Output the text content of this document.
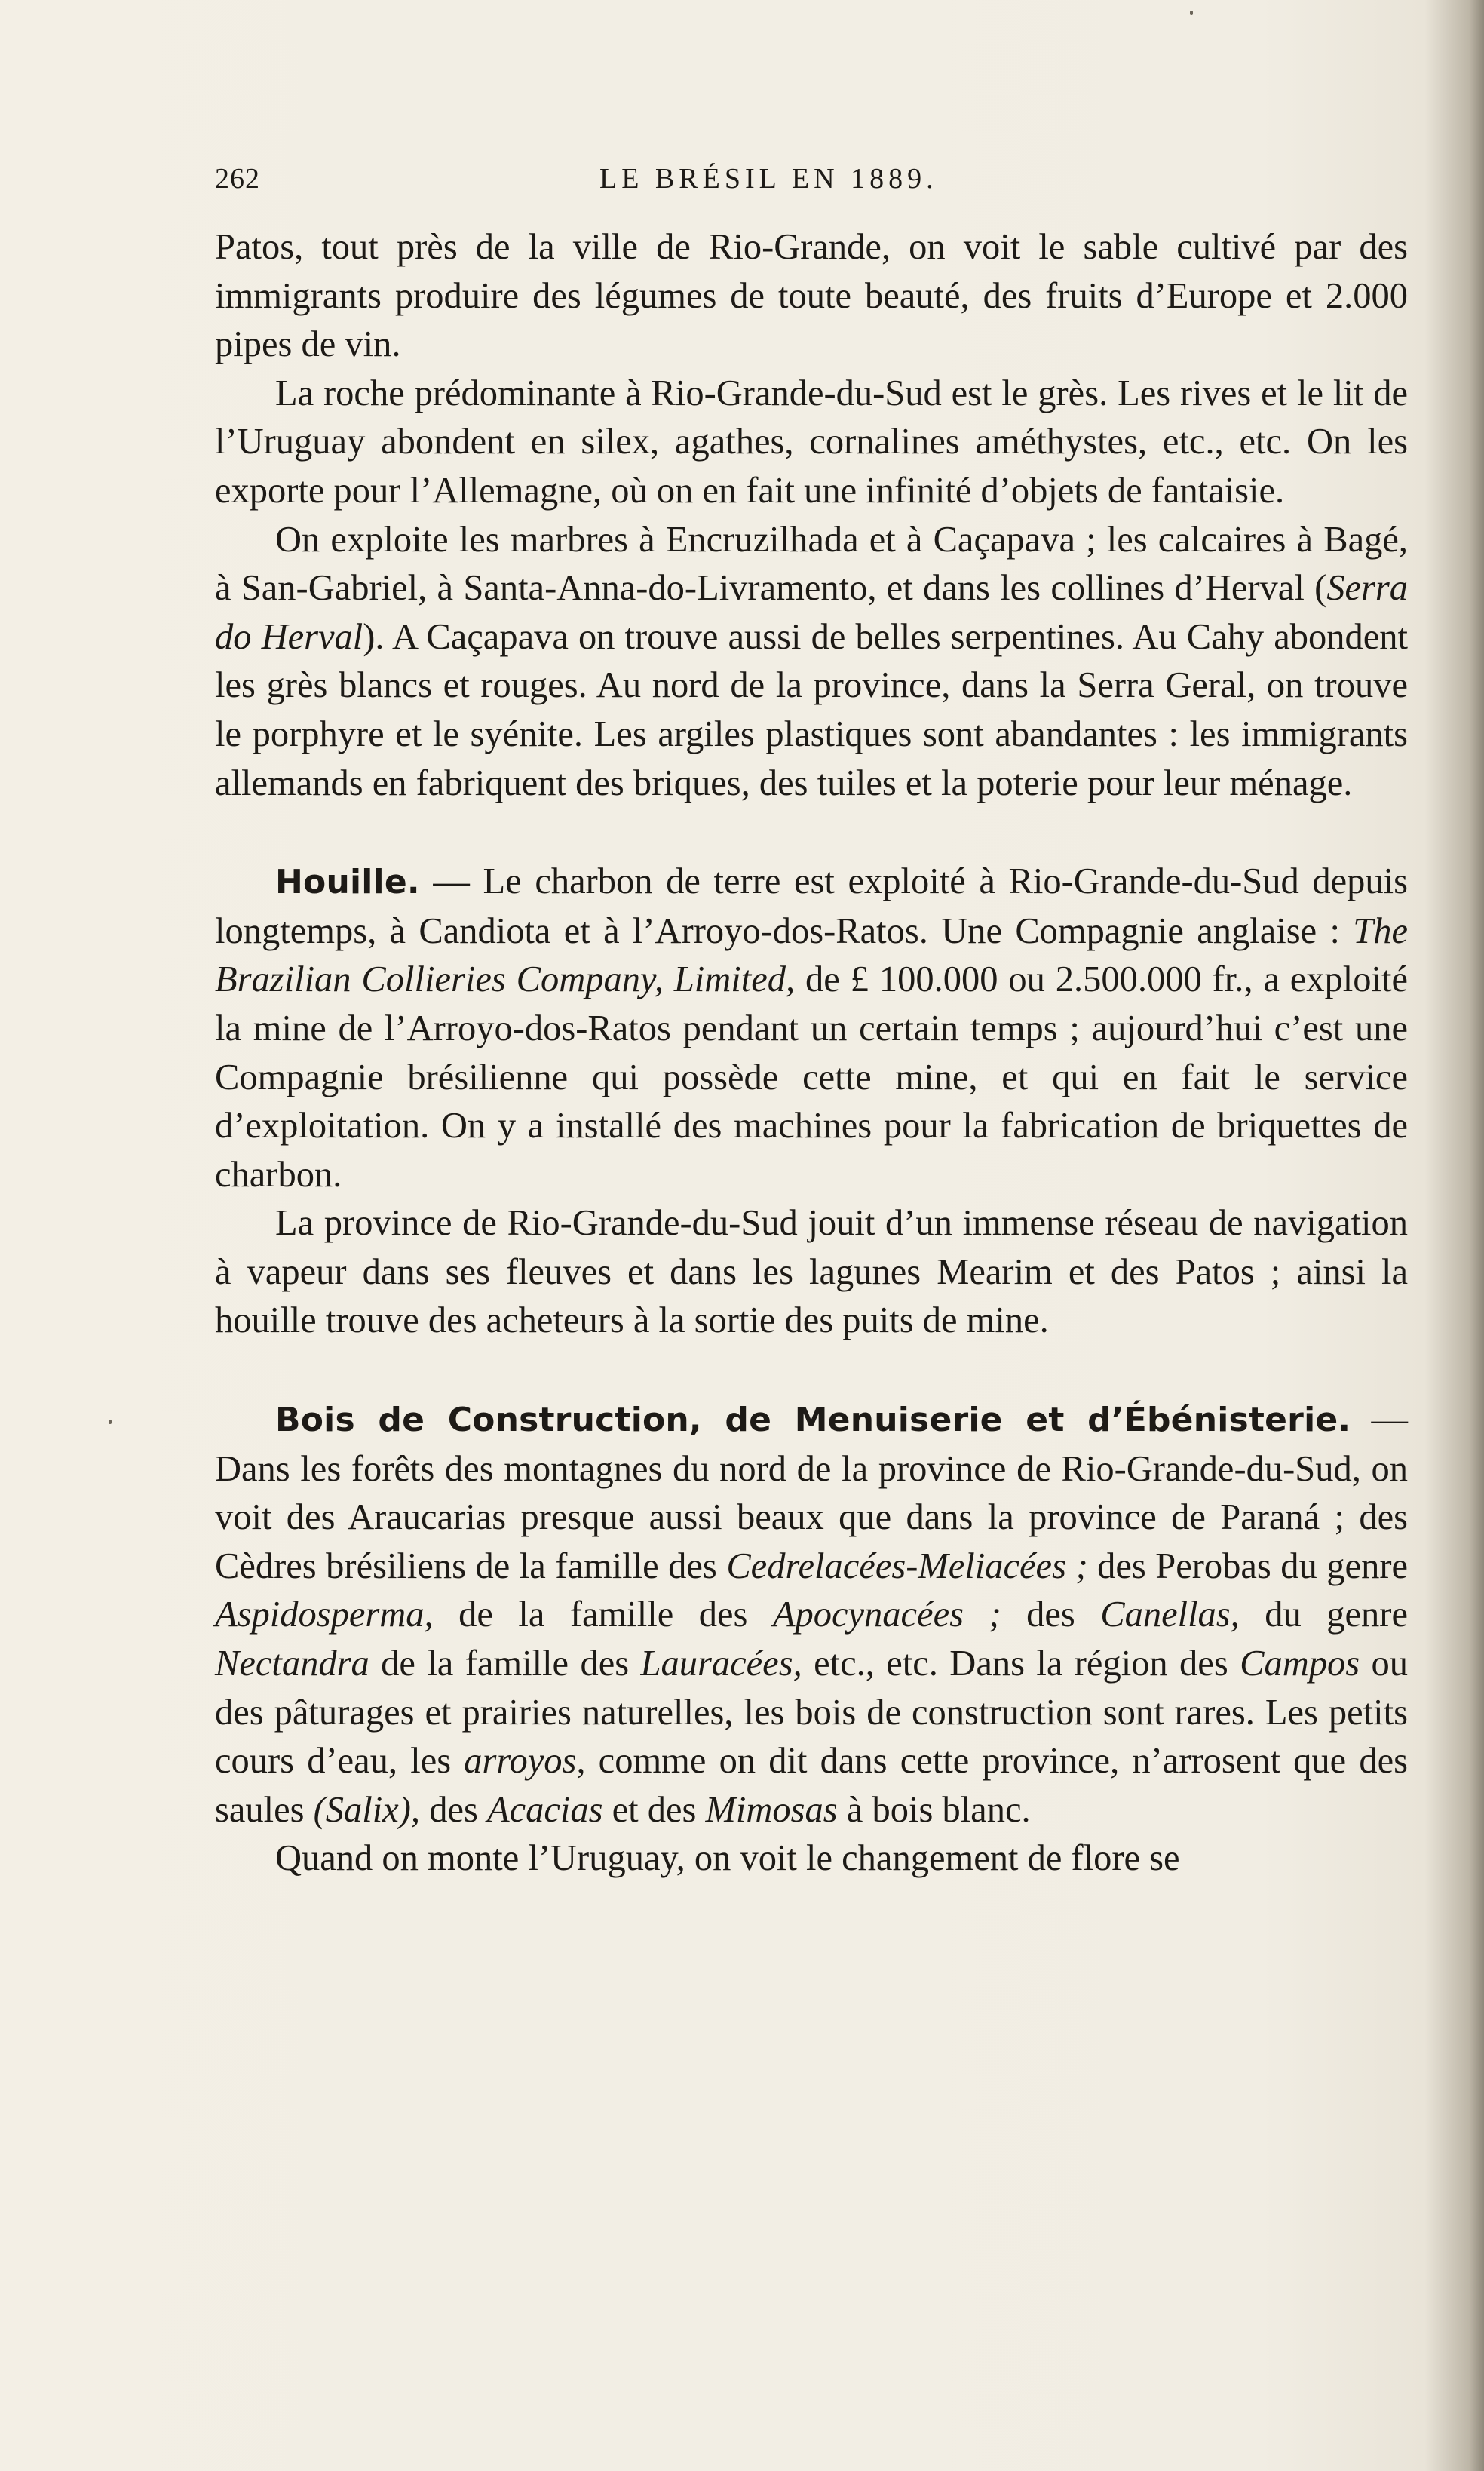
262	LE BRÉSIL EN 1889.

Patos, tout près de la ville de Rio-Grande, on voit le sable cultivé par des immigrants produire des légumes de toute beauté, des fruits d’Europe et 2.000 pipes de vin.

La roche prédominante à Rio-Grande-du-Sud est le grès. Les rives et le lit de l’Uruguay abondent en silex, agathes, cornalines améthystes, etc., etc. On les exporte pour l’Allemagne, où on en fait une infinité d’objets de fantaisie.

On exploite les marbres à Encruzilhada et à Caçapava ; les calcaires à Bagé, à San-Gabriel, à Santa-Anna-do-Livramento, et dans les collines d’Herval (Serra do Herval). A Caçapava on trouve aussi de belles serpentines. Au Cahy abondent les grès blancs et rouges. Au nord de la province, dans la Serra Geral, on trouve le porphyre et le syénite. Les argiles plastiques sont abandantes : les immigrants allemands en fabriquent des briques, des tuiles et la poterie pour leur ménage.

Houille. — Le charbon de terre est exploité à Rio-Grande-du-Sud depuis longtemps, à Candiota et à l’Arroyo-dos-Ratos. Une Compagnie anglaise : The Brazilian Collieries Company, Limited, de £ 100.000 ou 2.500.000 fr., a exploité la mine de l’Arroyo-dos-Ratos pendant un certain temps ; aujourd’hui c’est une Compagnie brésilienne qui possède cette mine, et qui en fait le service d’exploitation. On y a installé des machines pour la fabrication de briquettes de charbon.

La province de Rio-Grande-du-Sud jouit d’un immense réseau de navigation à vapeur dans ses fleuves et dans les lagunes Mearim et des Patos ; ainsi la houille trouve des acheteurs à la sortie des puits de mine.

Bois de Construction, de Menuiserie et d’Ébénisterie. — Dans les forêts des montagnes du nord de la province de Rio-Grande-du-Sud, on voit des Araucarias presque aussi beaux que dans la province de Paraná ; des Cèdres brésiliens de la famille des Cedrelacées-Meliacées ; des Perobas du genre Aspidosperma, de la famille des Apocynacées ; des Canellas, du genre Nectandra de la famille des Lauracées, etc., etc. Dans la région des Campos ou des pâturages et prairies naturelles, les bois de construction sont rares. Les petits cours d’eau, les arroyos, comme on dit dans cette province, n’arrosent que des saules (Salix), des Acacias et des Mimosas à bois blanc.

Quand on monte l’Uruguay, on voit le changement de flore se
